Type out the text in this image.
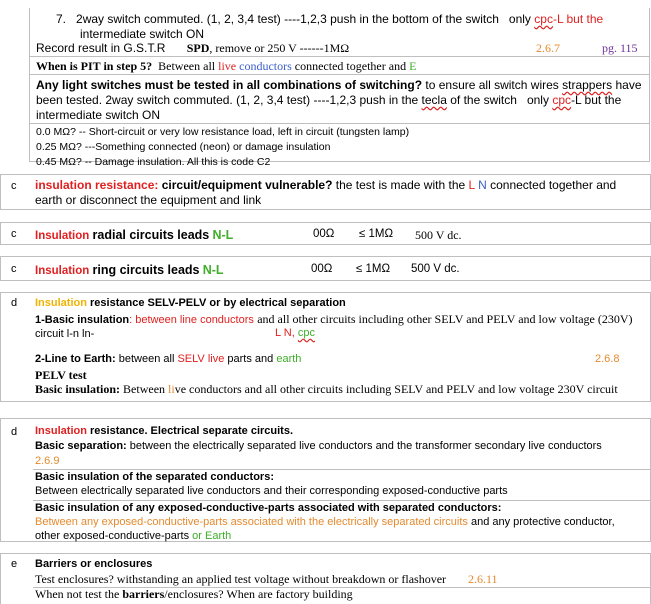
7. 2way switch commuted. (1, 2, 3,4 test) ----1,2,3 push in the bottom of the switch only cpc-L but the
intermediate switch ON
Record result in G.S.T.R SPD, remove or 250 V ------1MΩ	2.6.7	pg. 115
When is PIT in step 5? Between all live conductors connected together and E
Any light switches must be tested in all combinations of switching? to ensure all switch wires strappers have
been tested. 2way switch commuted. (1, 2, 3,4 test) ----1,2,3 push in the tecla of the switch only cpc-L but the
intermediate switch ON
0.0 MΩ? -- Short-circuit or very low resistance load, left in circuit (tungsten lamp)
0.25 MΩ? ---Something connected (neon) or damage insulation
0.45 MΩ? -- Damage insulation. All this is code C2
c insulation resistance: circuit/equipment vulnerable? the test is made with the L N connected together and
earth or disconnect the equipment and link
c Insulation radial circuits leads N-L	00Ω ≤ 1MΩ 500 V dc.
c Insulation ring circuits leads N-L	00Ω ≤ 1MΩ 500 V dc.
d Insulation resistance SELV-PELV or by electrical separation
1-Basic insulation: between line conductors and all other circuits including other SELV and PELV and low voltage (230V)
circuit l-n ln-	L N, cpc
2-Line to Earth: between all SELV live parts and earth	2.6.8
PELV test
Basic insulation: Between live conductors and all other circuits including SELV and PELV and low voltage 230V circuit
d Insulation resistance. Electrical separate circuits.
Basic separation: between the electrically separated live conductors and the transformer secondary live conductors
2.6.9
Basic insulation of the separated conductors:
Between electrically separated live conductors and their corresponding exposed-conductive parts
Basic insulation of any exposed-conductive-parts associated with separated conductors:
Between any exposed-conductive-parts associated with the electrically separated circuits and any protective conductor,
other exposed-conductive-parts or Earth
e Barriers or enclosures
Test enclosures? withstanding an applied test voltage without breakdown or flashover 2.6.11
When not test the barriers/enclosures? When are factory building
